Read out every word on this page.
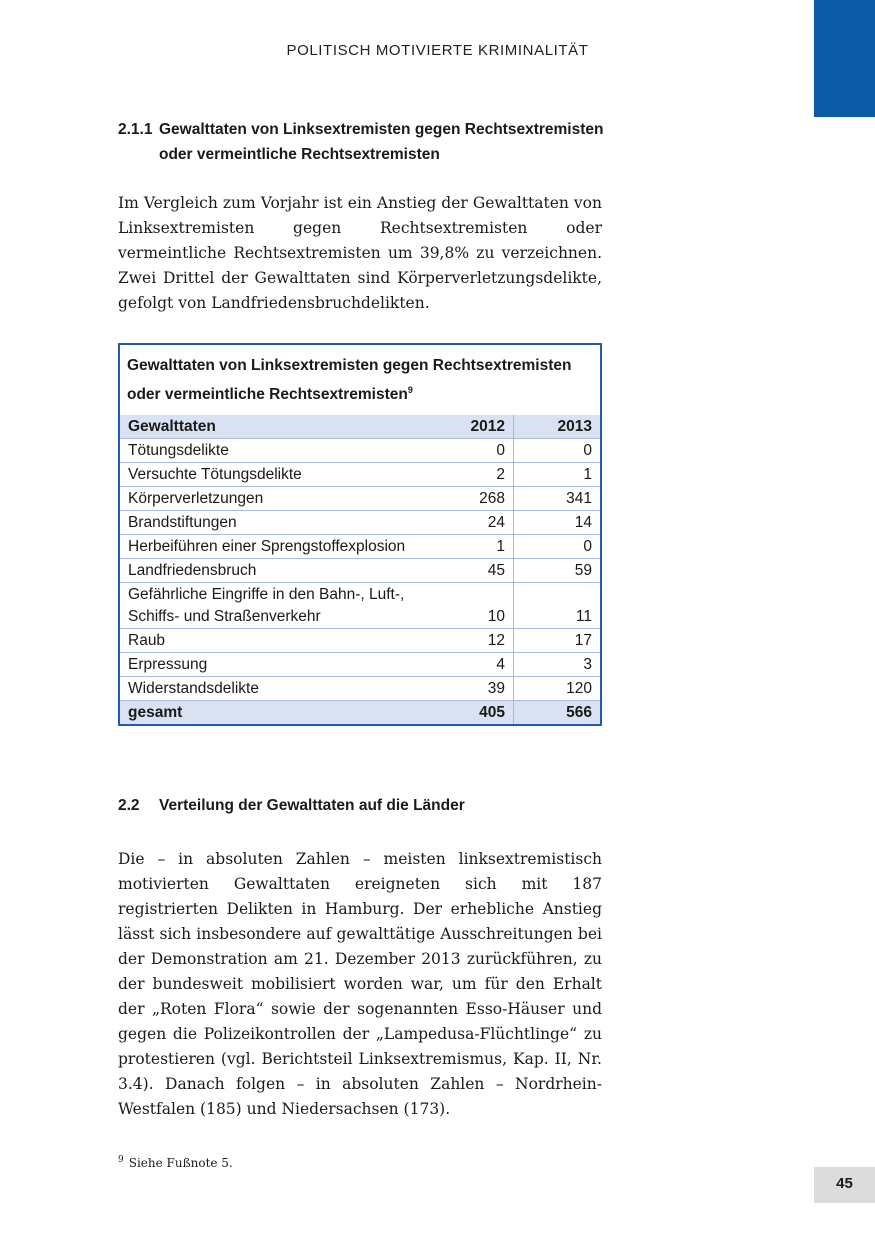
POLITISCH MOTIVIERTE KRIMINALITÄT
2.1.1 Gewalttaten von Linksextremisten gegen Rechtsextremisten oder vermeintliche Rechtsextremisten

Im Vergleich zum Vorjahr ist ein Anstieg der Gewalttaten von Linksextremisten gegen Rechtsextremisten oder vermeintliche Rechtsextremisten um 39,8% zu verzeichnen. Zwei Drittel der Gewalttaten sind Körperverletzungsdelikte, gefolgt von Landfriedensbruchdelikten.

Gewalttaten von Linksextremisten gegen Rechtsextremisten oder vermeintliche Rechtsextremisten$^9$
Gewalttaten	2012	2013
Tötungsdelikte	0	0
Versuchte Tötungsdelikte	2	1
Körperverletzungen	268	341
Brandstiftungen	24	14
Herbeiführen einer Sprengstoffexplosion	1	0
Landfriedensbruch	45	59
Gefährliche Eingriffe in den Bahn-, Luft-,
Schiffs- und Straßenverkehr	10	11
Raub	12	17
Erpressung	4	3
Widerstandsdelikte	39	120
gesamt	405	566
2.2 Verteilung der Gewalttaten auf die Länder

Die – in absoluten Zahlen – meisten linksextremistisch motivierten Gewalttaten ereigneten sich mit 187 registrierten Delikten in Hamburg. Der erhebliche Anstieg lässt sich insbesondere auf gewalttätige Ausschreitungen bei der Demonstration am 21. Dezember 2013 zurückführen, zu der bundesweit mobilisiert worden war, um für den Erhalt der „Roten Flora“ sowie der sogenannten Esso-Häuser und gegen die Polizeikontrollen der „Lampedusa-Flüchtlinge“ zu protestieren (vgl. Berichtsteil Linksextremismus, Kap. II, Nr. 3.4). Danach folgen – in absoluten Zahlen – Nordrhein-Westfalen (185) und Niedersachsen (173).

$^9$ Siehe Fußnote 5.
45
